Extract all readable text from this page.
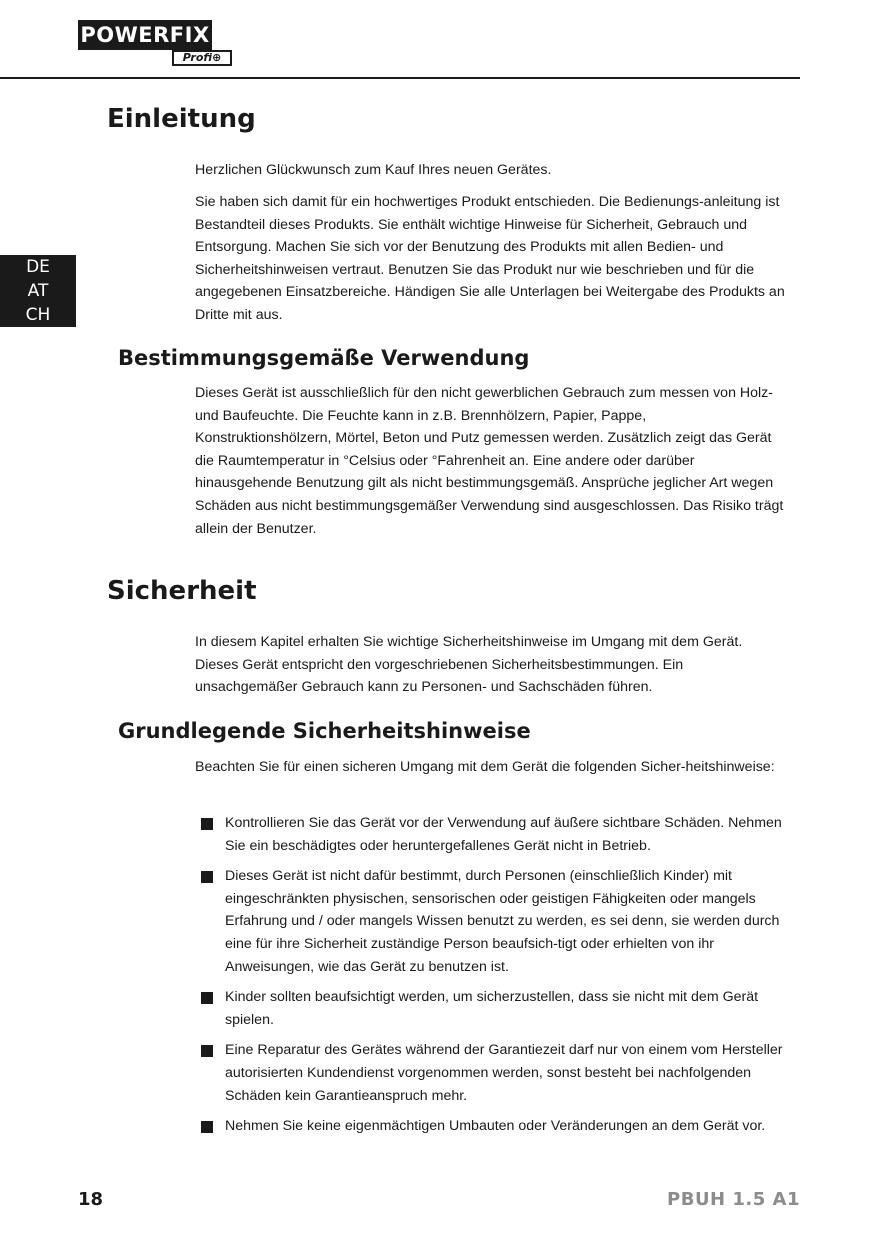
POWERFIX
Profi⊕
DE
AT
CH
Einleitung

Herzlichen Glückwunsch zum Kauf Ihres neuen Gerätes.

Sie haben sich damit für ein hochwertiges Produkt entschieden. Die Bedienungs-anleitung ist Bestandteil dieses Produkts. Sie enthält wichtige Hinweise für Sicherheit, Gebrauch und Entsorgung. Machen Sie sich vor der Benutzung des Produkts mit allen Bedien- und Sicherheitshinweisen vertraut. Benutzen Sie das Produkt nur wie beschrieben und für die angegebenen Einsatzbereiche. Händigen Sie alle Unterlagen bei Weitergabe des Produkts an Dritte mit aus.

Bestimmungsgemäße Verwendung

Dieses Gerät ist ausschließlich für den nicht gewerblichen Gebrauch zum messen von Holz- und Baufeuchte. Die Feuchte kann in z.B. Brennhölzern, Papier, Pappe, Konstruktionshölzern, Mörtel, Beton und Putz gemessen werden. Zusätzlich zeigt das Gerät die Raumtemperatur in °Celsius oder °Fahrenheit an. Eine andere oder darüber hinausgehende Benutzung gilt als nicht bestimmungsgemäß. Ansprüche jeglicher Art wegen Schäden aus nicht bestimmungsgemäßer Verwendung sind ausgeschlossen. Das Risiko trägt allein der Benutzer.

Sicherheit

In diesem Kapitel erhalten Sie wichtige Sicherheitshinweise im Umgang mit dem Gerät. Dieses Gerät entspricht den vorgeschriebenen Sicherheitsbestimmungen. Ein unsachgemäßer Gebrauch kann zu Personen- und Sachschäden führen.

Grundlegende Sicherheitshinweise

Beachten Sie für einen sicheren Umgang mit dem Gerät die folgenden Sicher-heitshinweise:

Kontrollieren Sie das Gerät vor der Verwendung auf äußere sichtbare Schäden. Nehmen Sie ein beschädigtes oder heruntergefallenes Gerät nicht in Betrieb.
Dieses Gerät ist nicht dafür bestimmt, durch Personen (einschließlich Kinder) mit eingeschränkten physischen, sensorischen oder geistigen Fähigkeiten oder mangels Erfahrung und / oder mangels Wissen benutzt zu werden, es sei denn, sie werden durch eine für ihre Sicherheit zuständige Person beaufsich-tigt oder erhielten von ihr Anweisungen, wie das Gerät zu benutzen ist.
Kinder sollten beaufsichtigt werden, um sicherzustellen, dass sie nicht mit dem Gerät spielen.
Eine Reparatur des Gerätes während der Garantiezeit darf nur von einem vom Hersteller autorisierten Kundendienst vorgenommen werden, sonst besteht bei nachfolgenden Schäden kein Garantieanspruch mehr.
Nehmen Sie keine eigenmächtigen Umbauten oder Veränderungen an dem Gerät vor.
18	PBUH 1.5 A1
